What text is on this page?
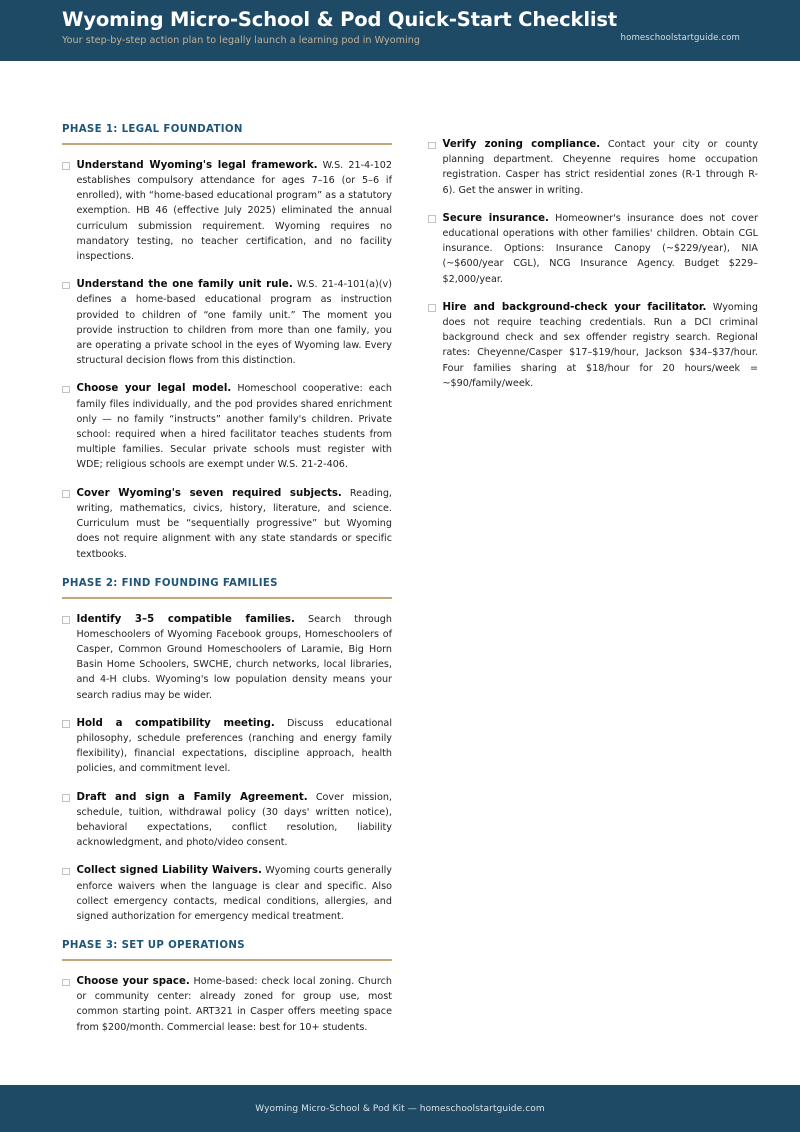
Wyoming Micro-School & Pod Quick-Start Checklist
Your step-by-step action plan to legally launch a learning pod in Wyoming	homeschoolstartguide.com
PHASE 1: LEGAL FOUNDATION
Understand Wyoming's legal framework. W.S. 21-4-102 establishes compulsory attendance for ages 7–16 (or 5–6 if enrolled), with “home-based educational program” as a statutory exemption. HB 46 (effective July 2025) eliminated the annual curriculum submission requirement. Wyoming requires no mandatory testing, no teacher certification, and no facility inspections.
Understand the one family unit rule. W.S. 21-4-101(a)(v) defines a home-based educational program as instruction provided to children of “one family unit.” The moment you provide instruction to children from more than one family, you are operating a private school in the eyes of Wyoming law. Every structural decision flows from this distinction.
Choose your legal model. Homeschool cooperative: each family files individually, and the pod provides shared enrichment only — no family “instructs” another family's children. Private school: required when a hired facilitator teaches students from multiple families. Secular private schools must register with WDE; religious schools are exempt under W.S. 21-2-406.
Cover Wyoming's seven required subjects. Reading, writing, mathematics, civics, history, literature, and science. Curriculum must be “sequentially progressive” but Wyoming does not require alignment with any state standards or specific textbooks.
PHASE 2: FIND FOUNDING FAMILIES
Identify 3–5 compatible families. Search through Homeschoolers of Wyoming Facebook groups, Homeschoolers of Casper, Common Ground Homeschoolers of Laramie, Big Horn Basin Home Schoolers, SWCHE, church networks, local libraries, and 4-H clubs. Wyoming's low population density means your search radius may be wider.
Hold a compatibility meeting. Discuss educational philosophy, schedule preferences (ranching and energy family flexibility), financial expectations, discipline approach, health policies, and commitment level.
Draft and sign a Family Agreement. Cover mission, schedule, tuition, withdrawal policy (30 days' written notice), behavioral expectations, conflict resolution, liability acknowledgment, and photo/video consent.
Collect signed Liability Waivers. Wyoming courts generally enforce waivers when the language is clear and specific. Also collect emergency contacts, medical conditions, allergies, and signed authorization for emergency medical treatment.
PHASE 3: SET UP OPERATIONS
Choose your space. Home-based: check local zoning. Church or community center: already zoned for group use, most common starting point. ART321 in Casper offers meeting space from $200/month. Commercial lease: best for 10+ students.
Verify zoning compliance. Contact your city or county planning department. Cheyenne requires home occupation registration. Casper has strict residential zones (R-1 through R-6). Get the answer in writing.
Secure insurance. Homeowner's insurance does not cover educational operations with other families' children. Obtain CGL insurance. Options: Insurance Canopy (~$229/year), NIA (~$600/year CGL), NCG Insurance Agency. Budget $229–$2,000/year.
Hire and background-check your facilitator. Wyoming does not require teaching credentials. Run a DCI criminal background check and sex offender registry search. Regional rates: Cheyenne/Casper $17–$19/hour, Jackson $34–$37/hour. Four families sharing at $18/hour for 20 hours/week = ~$90/family/week.
Wyoming Micro-School & Pod Kit — homeschoolstartguide.com
